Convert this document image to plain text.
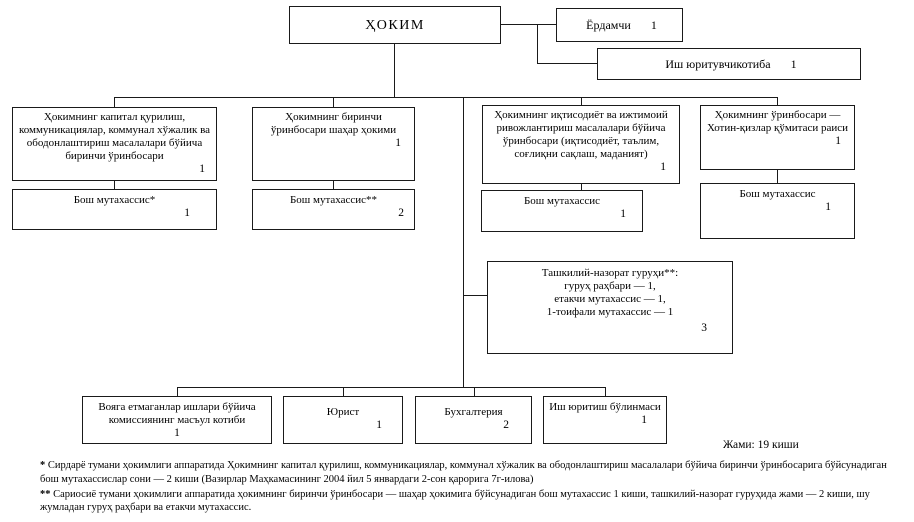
ҲОКИМ	Ёрдамчи	1
Иш юритувчикотиба	1
Ҳокимнинг капитал қурилиш, коммуникациялар, коммунал хўжалик ва ободонлаштириш масалалари бўйича биринчи ўринбосари
1
Ҳокимнинг биринчи ўринбосари шаҳар ҳокими
1
Ҳокимнинг иқтисодиёт ва ижтимоий ривожлантириш масалалари бўйича ўринбосари (иқтисодиёт, таълим, соғлиқни сақлаш, маданият)
1
Ҳокимнинг ўринбосари — Хотин-қизлар қўмитаси раиси
1
Бош мутахассис*
1
Бош мутахассис**
2
Бош мутахассис
1
Бош мутахассис
1
Ташкилий-назорат гуруҳи**:
гуруҳ раҳбари — 1,
етакчи мутахассис — 1,
1-тоифали мутахассис — 1
3
Вояга етмаганлар ишлари бўйича комиссиянинг масъул котиби
1
Юрист
1
Бухгалтерия
2
Иш юритиш бўлинмаси
1
Жами: 19 киши

* Сирдарё тумани ҳокимлиги аппаратида Ҳокимнинг капитал қурилиш, коммуникациялар, коммунал хўжалик ва ободонлаштириш масалалари бўйича биринчи ўринбосарига бўйсунадиган бош мутахассислар сони — 2 киши (Вазирлар Маҳкамасининг 2004 йил 5 январдаги 2-сон қарорига 7г-илова)

** Сариосиё тумани ҳокимлиги аппаратида ҳокимнинг биринчи ўринбосари — шаҳар ҳокимига бўйсунадиган бош мутахассис 1 киши, ташкилий-назорат гуруҳида жами — 2 киши, шу жумладан гуруҳ раҳбари ва етакчи мутахассис.
